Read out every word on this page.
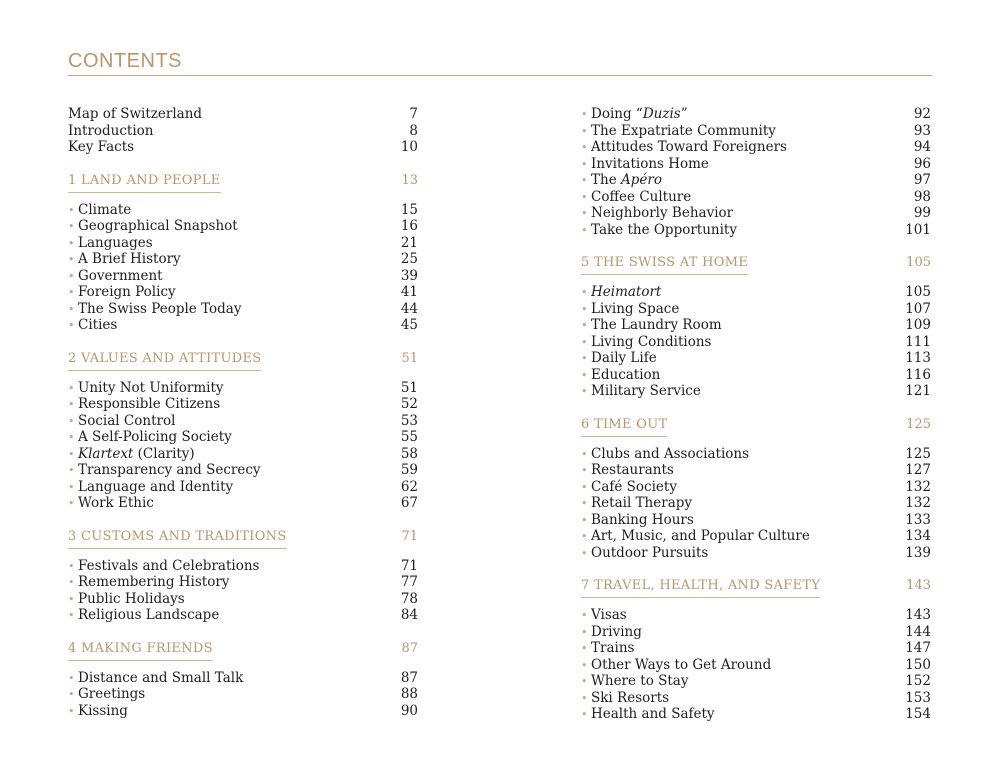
CONTENTS
Map of Switzerland	7
Introduction	8
Key Facts	10
1 LAND AND PEOPLE	13
• Climate	15
• Geographical Snapshot	16
• Languages	21
• A Brief History	25
• Government	39
• Foreign Policy	41
• The Swiss People Today	44
• Cities	45
2 VALUES AND ATTITUDES	51
• Unity Not Uniformity	51
• Responsible Citizens	52
• Social Control	53
• A Self-Policing Society	55
• Klartext (Clarity)	58
• Transparency and Secrecy	59
• Language and Identity	62
• Work Ethic	67
3 CUSTOMS AND TRADITIONS	71
• Festivals and Celebrations	71
• Remembering History	77
• Public Holidays	78
• Religious Landscape	84
4 MAKING FRIENDS	87
• Distance and Small Talk	87
• Greetings	88
• Kissing	90
• Doing “Duzis”	92
• The Expatriate Community	93
• Attitudes Toward Foreigners	94
• Invitations Home	96
• The Apéro	97
• Coffee Culture	98
• Neighborly Behavior	99
• Take the Opportunity	101
5 THE SWISS AT HOME	105
• Heimatort	105
• Living Space	107
• The Laundry Room	109
• Living Conditions	111
• Daily Life	113
• Education	116
• Military Service	121
6 TIME OUT	125
• Clubs and Associations	125
• Restaurants	127
• Café Society	132
• Retail Therapy	132
• Banking Hours	133
• Art, Music, and Popular Culture	134
• Outdoor Pursuits	139
7 TRAVEL, HEALTH, AND SAFETY	143
• Visas	143
• Driving	144
• Trains	147
• Other Ways to Get Around	150
• Where to Stay	152
• Ski Resorts	153
• Health and Safety	154
